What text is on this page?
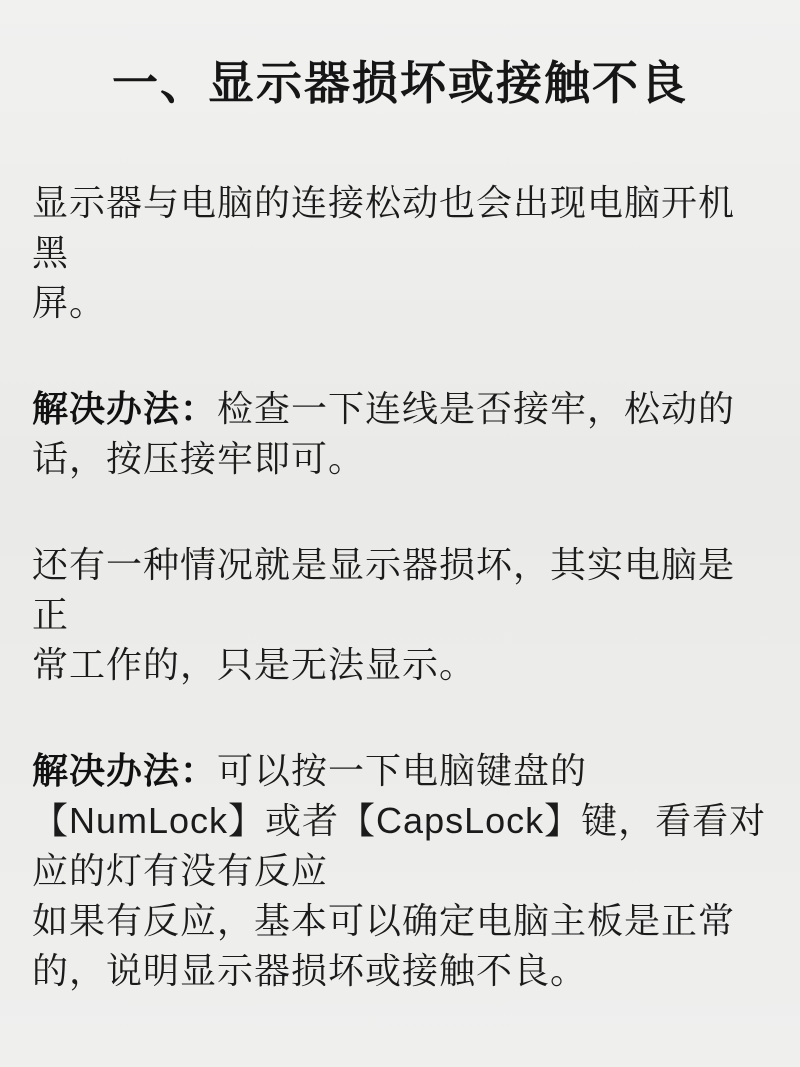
一、显示器损坏或接触不良

显示器与电脑的连接松动也会出现电脑开机黑
屏。

解决办法：检查一下连线是否接牢，松动的
话，按压接牢即可。

还有一种情况就是显示器损坏，其实电脑是正
常工作的，只是无法显示。

解决办法：可以按一下电脑键盘的
【NumLock】或者【CapsLock】键，看看对
应的灯有没有反应
如果有反应，基本可以确定电脑主板是正常
的，说明显示器损坏或接触不良。
